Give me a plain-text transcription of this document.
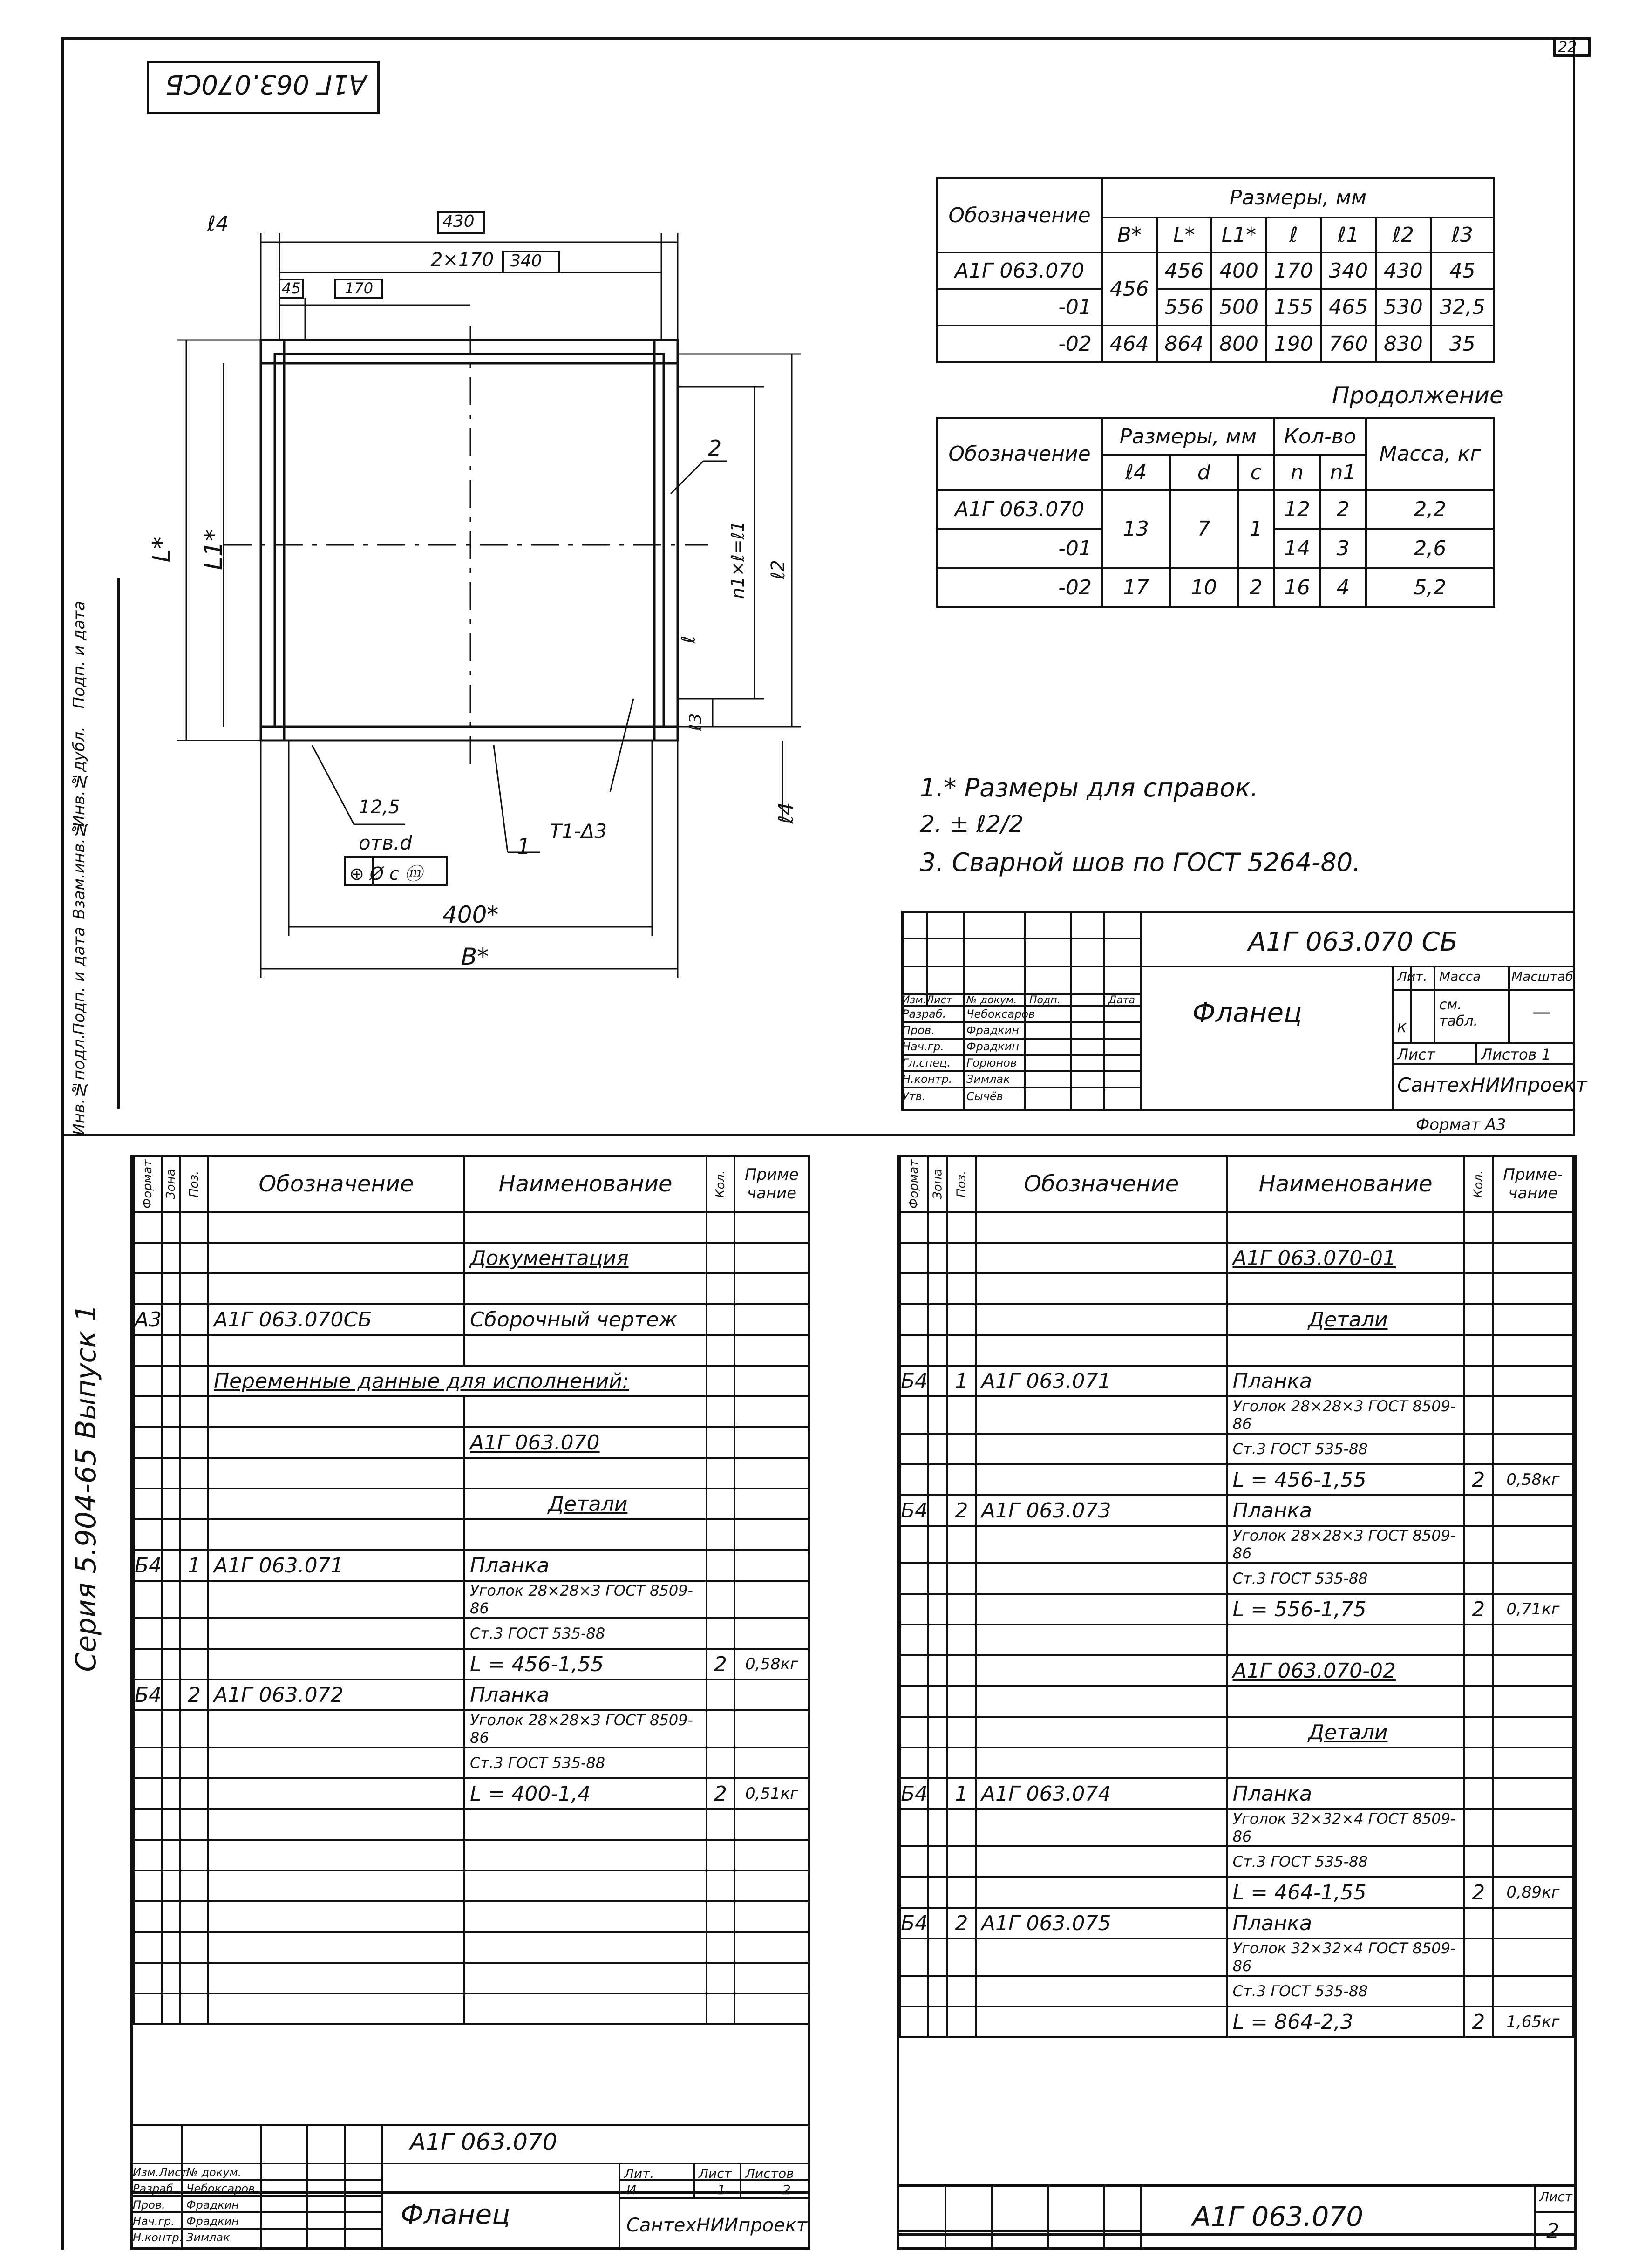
22
А1Г 063.070СБ
Инв.№подл.
Подп. и дата
Взам.инв.№
Инв.№дубл.
Подп. и дата
ℓ4	430
2×170 340
45	170
L* L1*	n1×ℓ=ℓ1 ℓ2
ℓ
ℓ3
ℓ4
12,5
отв.d
⊕ Ø c ⓜ
Т1-Δ3
400*
В*
1
2
Обозначение	Размеры, мм						
	В*	L*	L1*	ℓ	ℓ1	ℓ2	ℓ3
А1Г 063.070	456	456	400	170	340	430	45
-01		556	500	155	465	530	32,5
-02	464	864	800	190	760	830	35
Продолжение
Обозначение	Размеры, мм			Кол-во		Масса, кг
	ℓ4	d	с	n	n1	
А1Г 063.070	13	7	1	12	2	2,2
-01				14	3	2,6
-02	17	10	2	16	4	5,2
1.* Размеры для справок.
2. ± ℓ2/2
3. Сварной шов по ГОСТ 5264-80.
А1Г 063.070 СБ
Фланец
Лит. Масса Масштаб
К
см. табл.	—
Лист	Листов 1
СантехНИИпроект
Изм.Лист
Разраб.
Пров.
Нач.гр.
Гл.спец.
Н.контр.
Утв.
№ докум.
Чебоксаров
Фрадкин
Фрадкин
Горюнов
Зимлак
Сычёв
Подп.	Дата
Формат А3
Серия 5.904-65 Выпуск 1
Формат	Зона	Поз.	Обозначение	Наименование	Кол.	Приме чание

				Документация		

А3			А1Г 063.070СБ	Сборочный чертеж		

			Переменные данные для исполнений:			

				А1Г 063.070		

				Детали		

Б4		1	А1Г 063.071	Планка		
				Уголок 28×28×3 ГОСТ 8509-86		
				Ст.3 ГОСТ 535-88		
				L = 456-1,55	2	0,58кг
Б4		2	А1Г 063.072	Планка		
				Уголок 28×28×3 ГОСТ 8509-86		
				Ст.3 ГОСТ 535-88		
				L = 400-1,4	2	0,51кг

А1Г 063.070
Фланец
Лит.	Лист Листов
И	1	2
СантехНИИпроект
Изм.Лист
Разраб.
Пров.
Нач.гр.
Н.контр.
№ докум.
Чебоксаров
Фрадкин
Фрадкин
Зимлак
Формат	Зона	Поз.	Обозначение	Наименование	Кол.	Приме- чание

				А1Г 063.070-01		

				Детали		

Б4		1	А1Г 063.071	Планка		
				Уголок 28×28×3 ГОСТ 8509-86		
				Ст.3 ГОСТ 535-88		
				L = 456-1,55	2	0,58кг
Б4		2	А1Г 063.073	Планка		
				Уголок 28×28×3 ГОСТ 8509-86		
				Ст.3 ГОСТ 535-88		
				L = 556-1,75	2	0,71кг

				А1Г 063.070-02		

				Детали		

Б4		1	А1Г 063.074	Планка		
				Уголок 32×32×4 ГОСТ 8509-86		
				Ст.3 ГОСТ 535-88		
				L = 464-1,55	2	0,89кг
Б4		2	А1Г 063.075	Планка		
				Уголок 32×32×4 ГОСТ 8509-86		
				Ст.3 ГОСТ 535-88		
				L = 864-2,3	2	1,65кг
А1Г 063.070
Лист
2
